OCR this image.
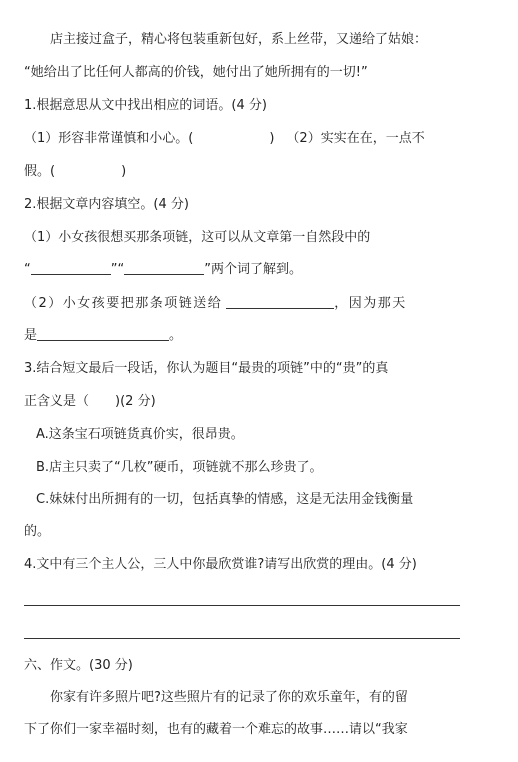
店主接过盒子，精心将包装重新包好，系上丝带，又递给了姑娘：
“她给出了比任何人都高的价钱，她付出了她所拥有的一切!”
1.根据意思从文中找出相应的词语。(4 分)
（1）形容非常谨慎和小心。(	) （2）实实在在，一点不
假。(	)
2.根据文章内容填空。(4 分)
（1）小女孩很想买那条项链，这可以从文章第一自然段中的
“	”“	”两个词了解到。
（2）小女孩要把那条项链送给	，因为那天
是	。
3.结合短文最后一段话，你认为题目“最贵的项链”中的“贵”的真
正含义是（ )(2 分)
A.这条宝石项链货真价实，很昂贵。
B.店主只卖了“几枚”硬币，项链就不那么珍贵了。
C.妹妹付出所拥有的一切，包括真挚的情感，这是无法用金钱衡量
的。
4.文中有三个主人公，三人中你最欣赏谁?请写出欣赏的理由。(4 分)
六、作文。(30 分)
你家有许多照片吧?这些照片有的记录了你的欢乐童年，有的留
下了你们一家幸福时刻，也有的藏着一个难忘的故事……请以“我家
